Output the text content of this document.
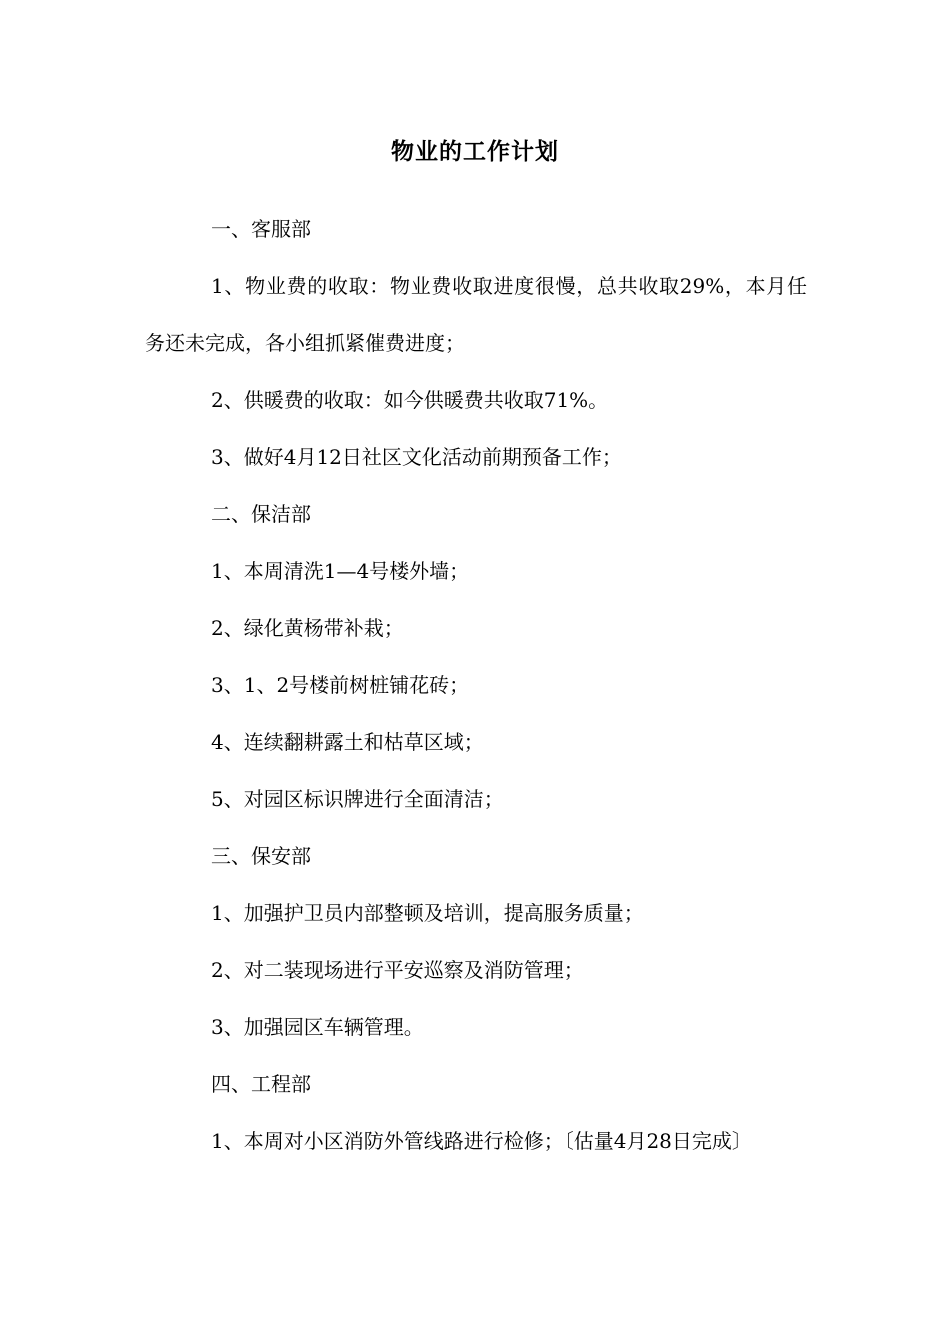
物业的工作计划

一、客服部

1、物业费的收取：物业费收取进度很慢，总共收取29%，本月任务还未完成，各小组抓紧催费进度；

2、供暖费的收取：如今供暖费共收取71%。

3、做好4月12日社区文化活动前期预备工作；

二、保洁部

1、本周清洗1—4号楼外墙；

2、绿化黄杨带补栽；

3、1、2号楼前树桩铺花砖；

4、连续翻耕露土和枯草区域；

5、对园区标识牌进行全面清洁；

三、保安部

1、加强护卫员内部整顿及培训，提高服务质量；

2、对二装现场进行平安巡察及消防管理；

3、加强园区车辆管理。

四、工程部

1、本周对小区消防外管线路进行检修；〔估量4月28日完成〕
